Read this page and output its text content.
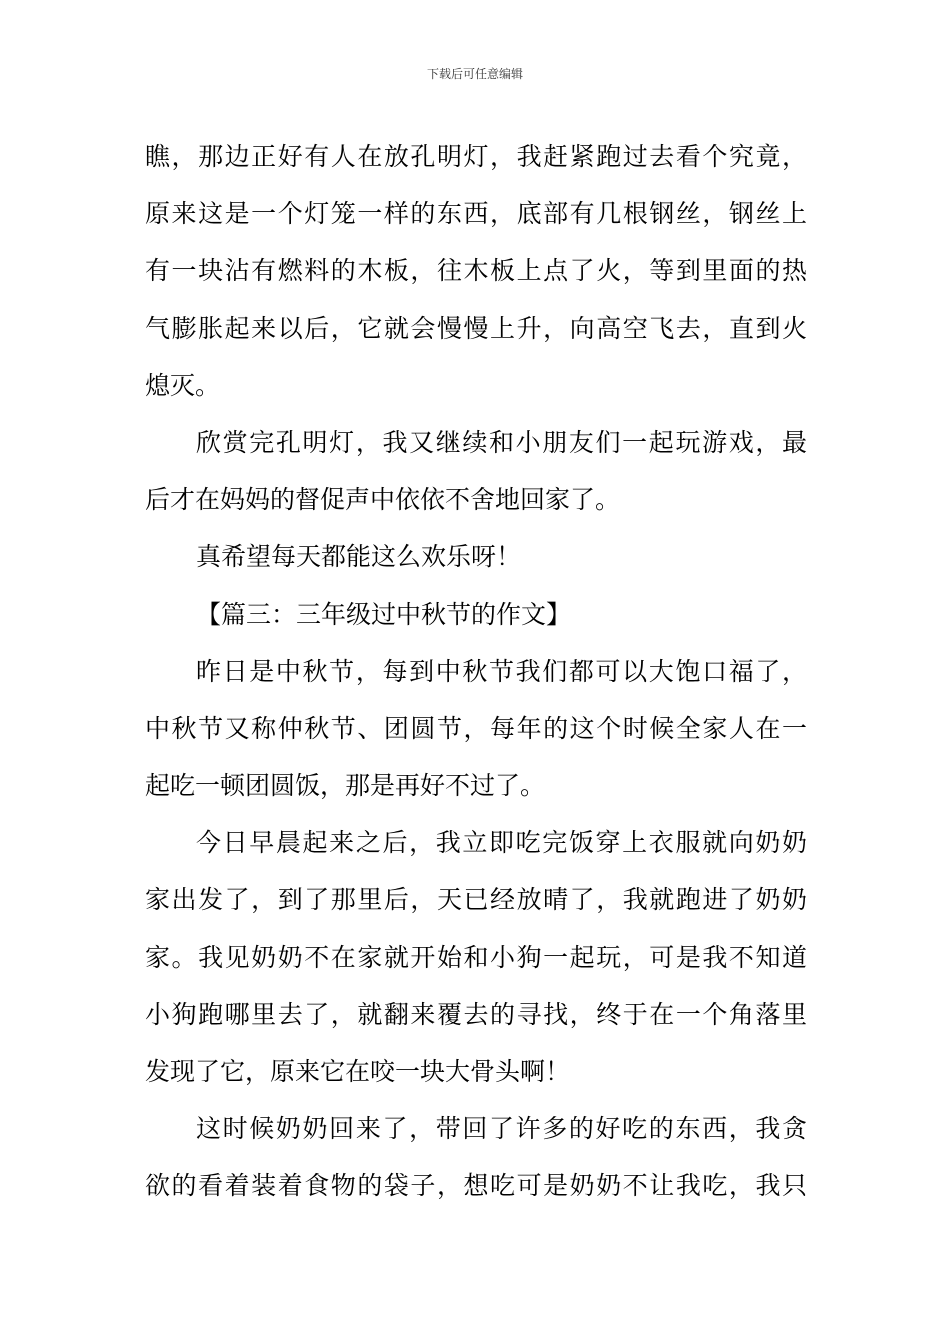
下载后可任意编辑
瞧，那边正好有人在放孔明灯，我赶紧跑过去看个究竟，
原来这是一个灯笼一样的东西，底部有几根钢丝，钢丝上
有一块沾有燃料的木板，往木板上点了火，等到里面的热
气膨胀起来以后，它就会慢慢上升，向高空飞去，直到火
熄灭。
欣赏完孔明灯，我又继续和小朋友们一起玩游戏，最
后才在妈妈的督促声中依依不舍地回家了。
真希望每天都能这么欢乐呀！
【篇三：三年级过中秋节的作文】
昨日是中秋节，每到中秋节我们都可以大饱口福了，
中秋节又称仲秋节、团圆节，每年的这个时候全家人在一
起吃一顿团圆饭，那是再好不过了。
今日早晨起来之后，我立即吃完饭穿上衣服就向奶奶
家出发了，到了那里后，天已经放晴了，我就跑进了奶奶
家。我见奶奶不在家就开始和小狗一起玩，可是我不知道
小狗跑哪里去了，就翻来覆去的寻找，终于在一个角落里
发现了它，原来它在咬一块大骨头啊！
这时候奶奶回来了，带回了许多的好吃的东西，我贪
欲的看着装着食物的袋子，想吃可是奶奶不让我吃，我只
